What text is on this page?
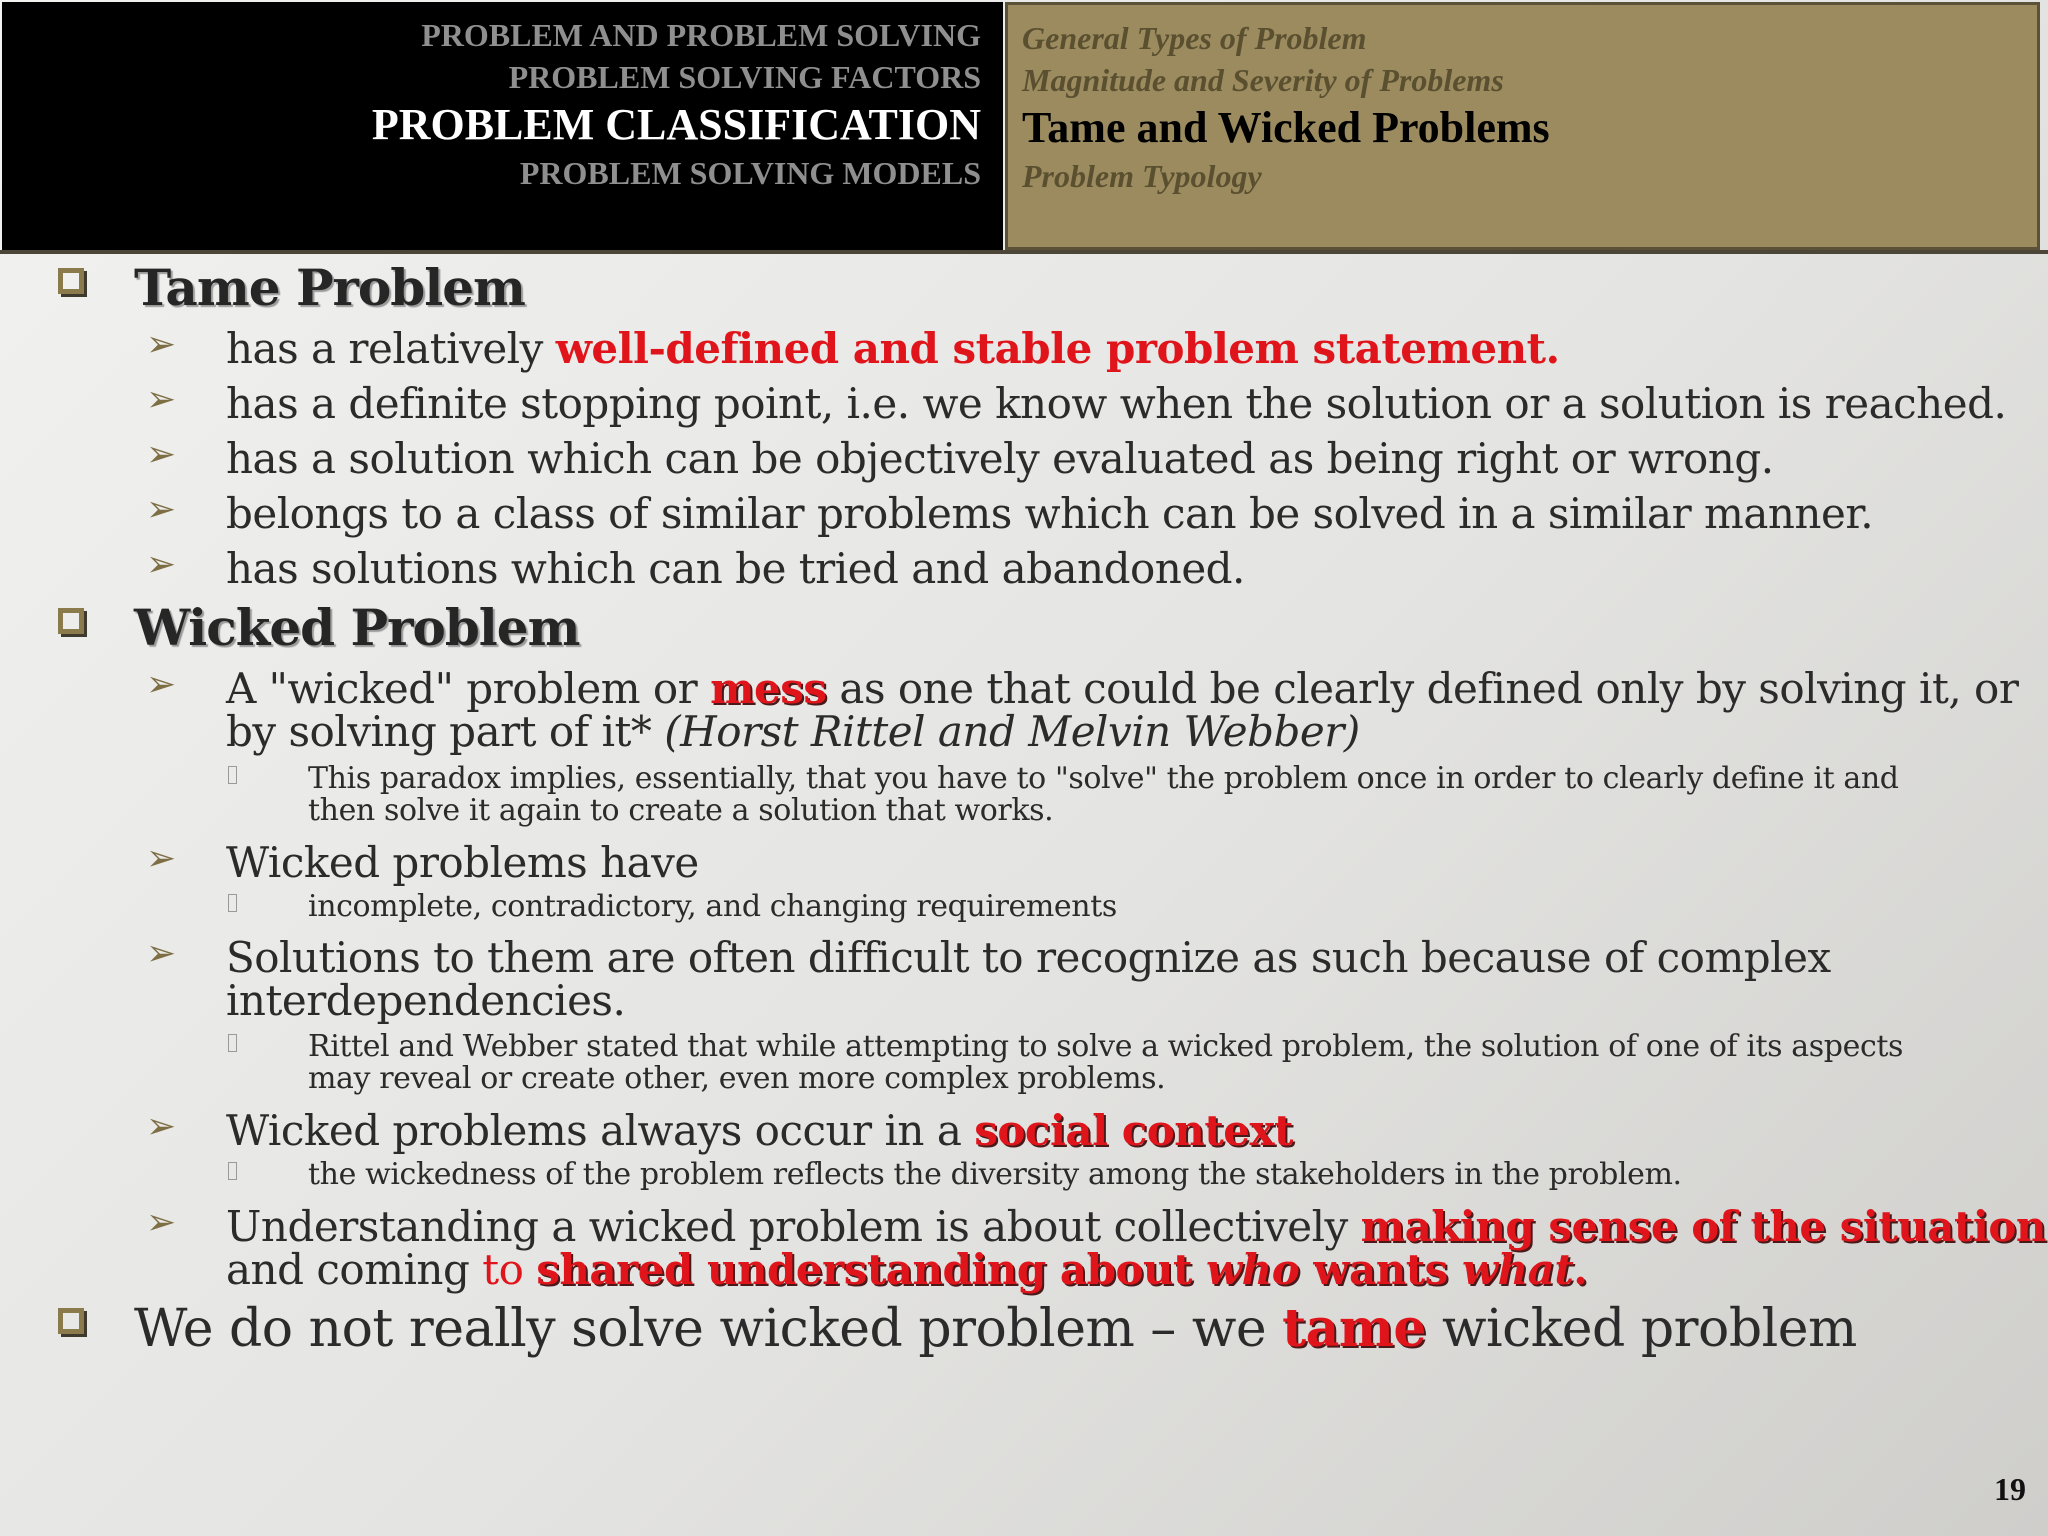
PROBLEM AND PROBLEM SOLVING
PROBLEM SOLVING FACTORS
PROBLEM CLASSIFICATION
PROBLEM SOLVING MODELS
General Types of Problem
Magnitude and Severity of Problems
Tame and Wicked Problems
Problem Typology
Tame Problem
➢ has a relatively well-defined and stable problem statement.
➢ has a definite stopping point, i.e. we know when the solution or a solution is reached.
➢ has a solution which can be objectively evaluated as being right or wrong.
➢ belongs to a class of similar problems which can be solved in a similar manner.
➢ has solutions which can be tried and abandoned.
Wicked Problem
➢ A "wicked" problem or mess as one that could be clearly defined only by solving it, or
by solving part of it* (Horst Rittel and Melvin Webber)
This paradox implies, essentially, that you have to "solve" the problem once in order to clearly define it and
then solve it again to create a solution that works.
➢ Wicked problems have
incomplete, contradictory, and changing requirements
➢ Solutions to them are often difficult to recognize as such because of complex
interdependencies.
Rittel and Webber stated that while attempting to solve a wicked problem, the solution of one of its aspects
may reveal or create other, even more complex problems.
➢ Wicked problems always occur in a social context
the wickedness of the problem reflects the diversity among the stakeholders in the problem.
➢ Understanding a wicked problem is about collectively making sense of the situation
and coming to shared understanding about who wants what.
We do not really solve wicked problem – we tame wicked problem
19
